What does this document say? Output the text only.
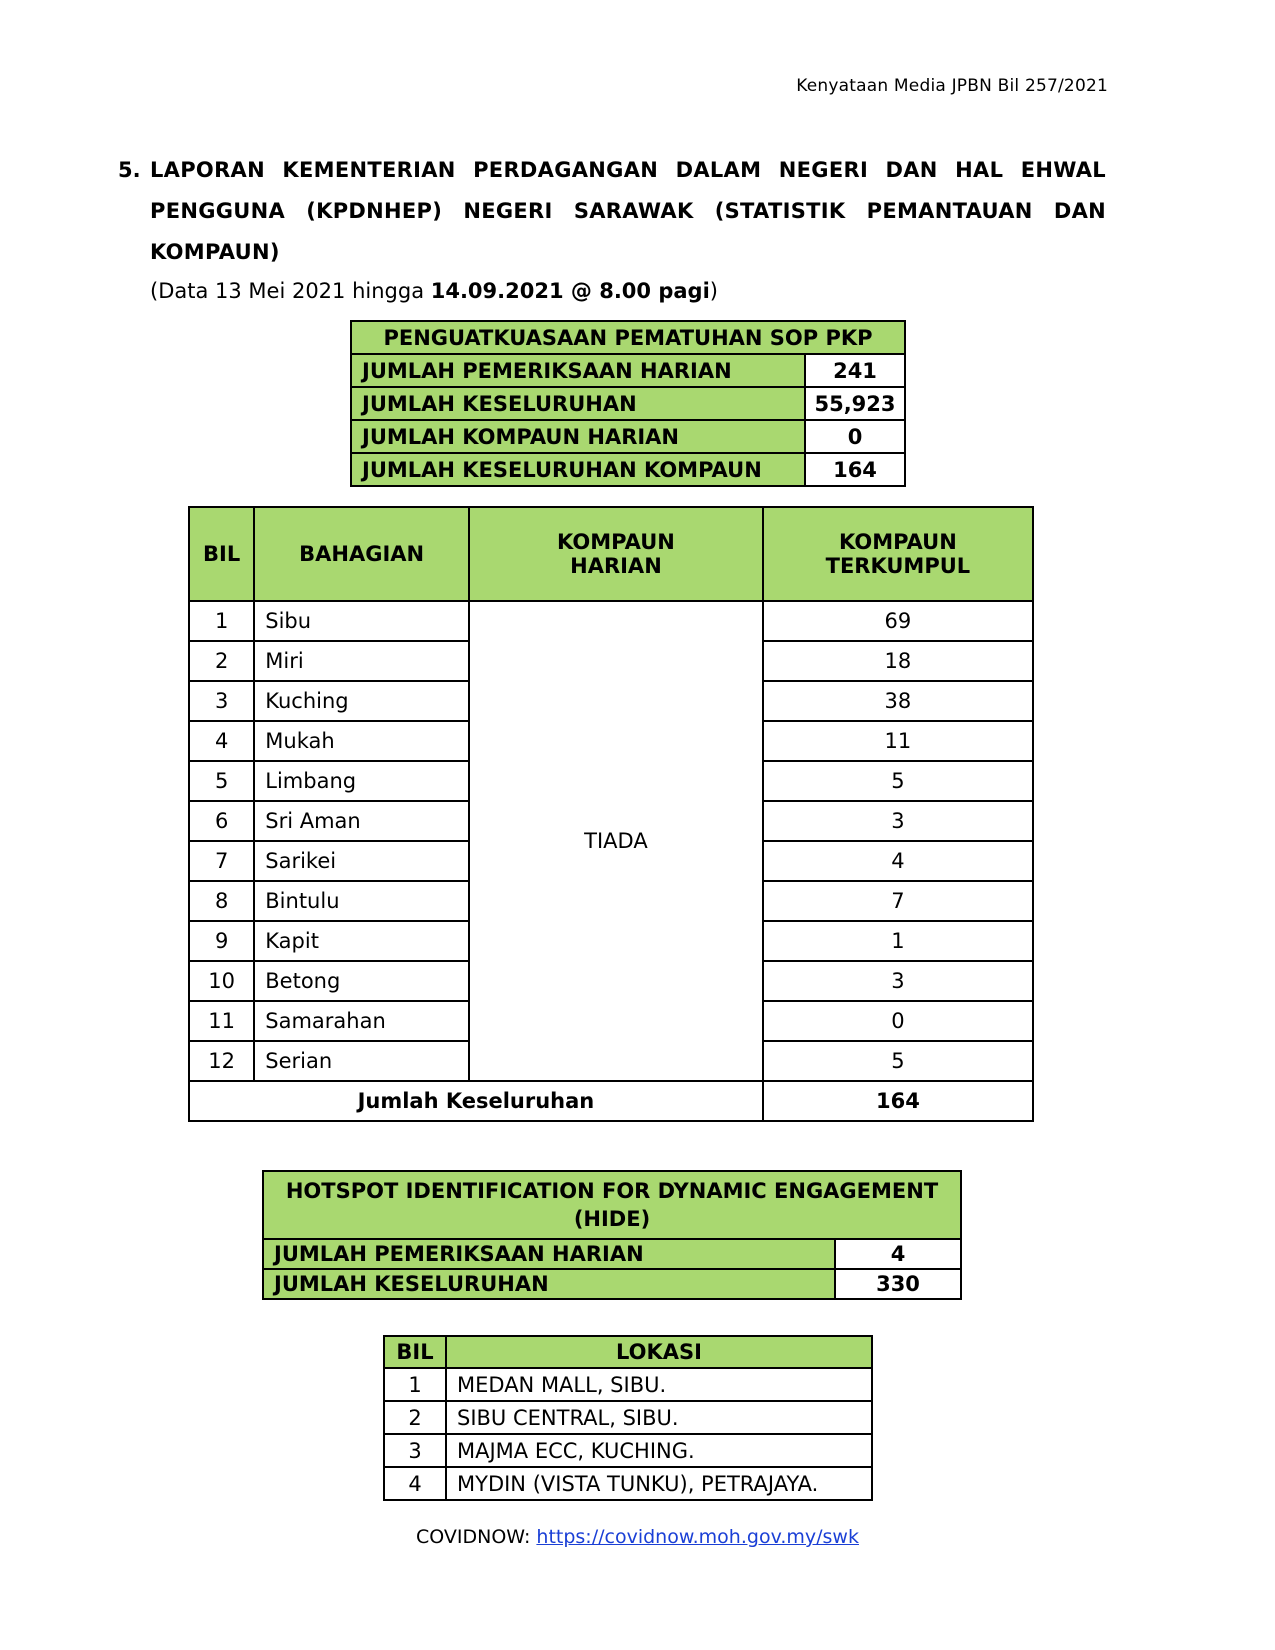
Kenyataan Media JPBN Bil 257/2021
5. LAPORAN KEMENTERIAN PERDAGANGAN DALAM NEGERI DAN HAL EHWAL PENGGUNA (KPDNHEP) NEGERI SARAWAK (STATISTIK PEMANTAUAN DAN KOMPAUN)
(Data 13 Mei 2021 hingga 14.09.2021 @ 8.00 pagi)
PENGUATKUASAAN PEMATUHAN SOP PKP	
JUMLAH PEMERIKSAAN HARIAN	241
JUMLAH KESELURUHAN	55,923
JUMLAH KOMPAUN HARIAN	0
JUMLAH KESELURUHAN KOMPAUN	164
BIL	BAHAGIAN	KOMPAUN HARIAN	KOMPAUN TERKUMPUL
1	Sibu	TIADA	69
2	Miri		18
3	Kuching		38
4	Mukah		11
5	Limbang		5
6	Sri Aman		3
7	Sarikei		4
8	Bintulu		7
9	Kapit		1
10	Betong		3
11	Samarahan		0
12	Serian		5
Jumlah Keseluruhan			164
HOTSPOT IDENTIFICATION FOR DYNAMIC ENGAGEMENT (HIDE)	
JUMLAH PEMERIKSAAN HARIAN	4
JUMLAH KESELURUHAN	330
BIL	LOKASI
1	MEDAN MALL, SIBU.
2	SIBU CENTRAL, SIBU.
3	MAJMA ECC, KUCHING.
4	MYDIN (VISTA TUNKU), PETRAJAYA.
COVIDNOW: https://covidnow.moh.gov.my/swk
